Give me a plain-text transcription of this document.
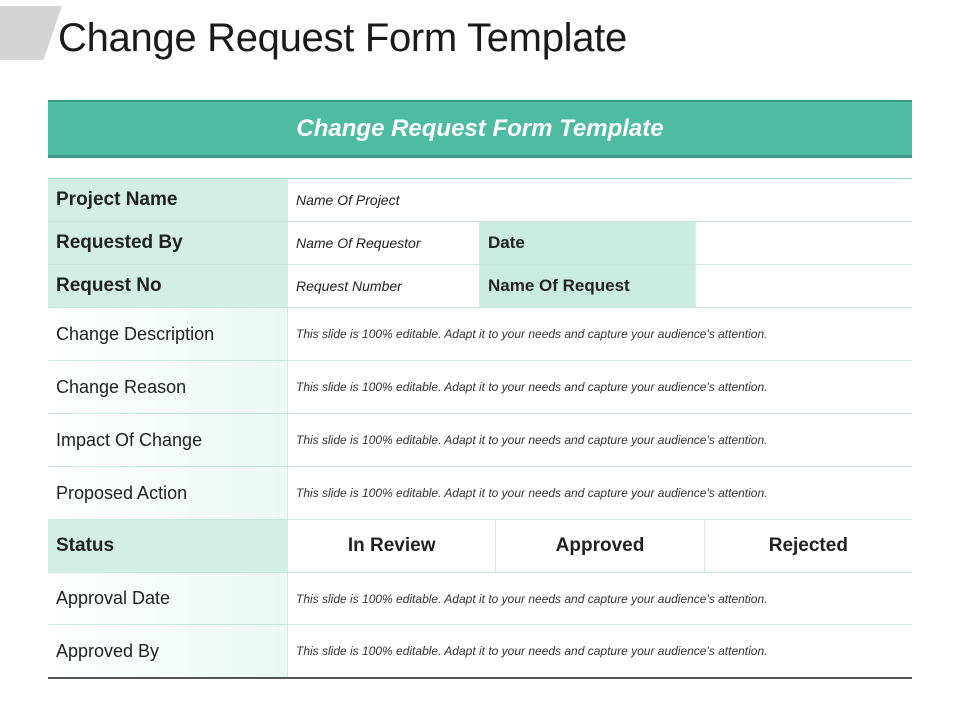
Change Request Form Template
Change Request Form Template
Project Name	Name Of Project
Requested By	Name Of Requestor	Date
Request No	Request Number	Name Of Request
Change Description	This slide is 100% editable. Adapt it to your needs and capture your audience's attention.
Change Reason	This slide is 100% editable. Adapt it to your needs and capture your audience's attention.
Impact Of Change	This slide is 100% editable. Adapt it to your needs and capture your audience's attention.
Proposed Action	This slide is 100% editable. Adapt it to your needs and capture your audience's attention.
Status	In Review	Approved	Rejected
Approval Date	This slide is 100% editable. Adapt it to your needs and capture your audience's attention.
Approved By	This slide is 100% editable. Adapt it to your needs and capture your audience's attention.
